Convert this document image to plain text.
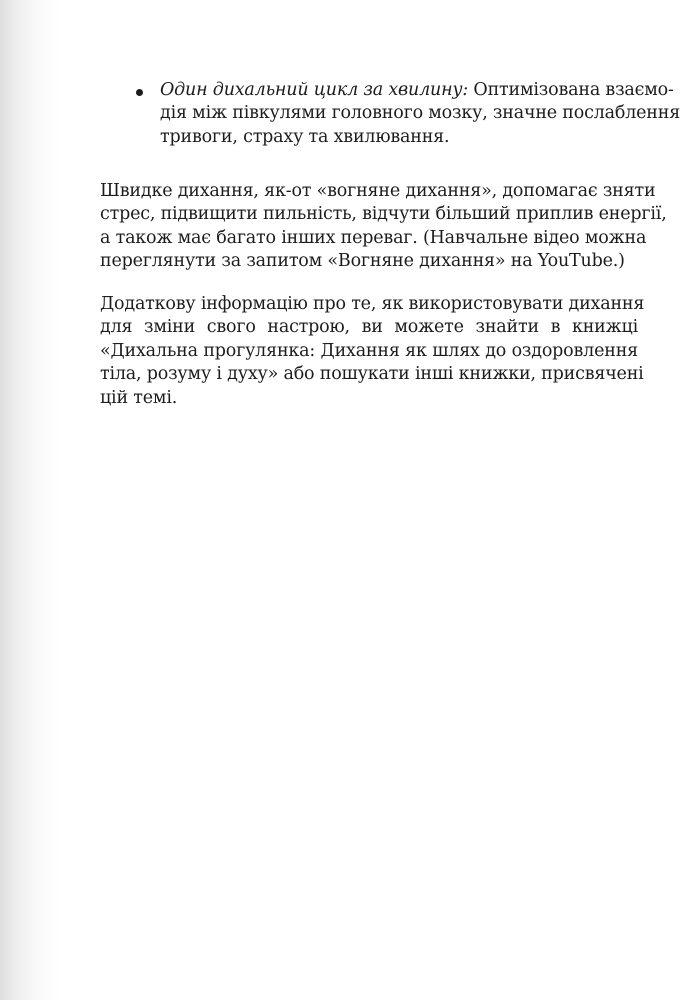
Один дихальний цикл за хвилину: Оптимізована взаємо-
дія між півкулями головного мозку, значне послаблення
тривоги, страху та хвилювання.
Швидке дихання, як-от «вогняне дихання», допомагає зняти
стрес, підвищити пильність, відчути більший приплив енергії,
а також має багато інших переваг. (Навчальне відео можна
переглянути за запитом «Вогняне дихання» на YouTube.)
Додаткову інформацію про те, як використовувати дихання
для зміни свого настрою, ви можете знайти в книжці
«Дихальна прогулянка: Дихання як шлях до оздоровлення
тіла, розуму і духу» або пошукати інші книжки, присвячені
цій темі.
